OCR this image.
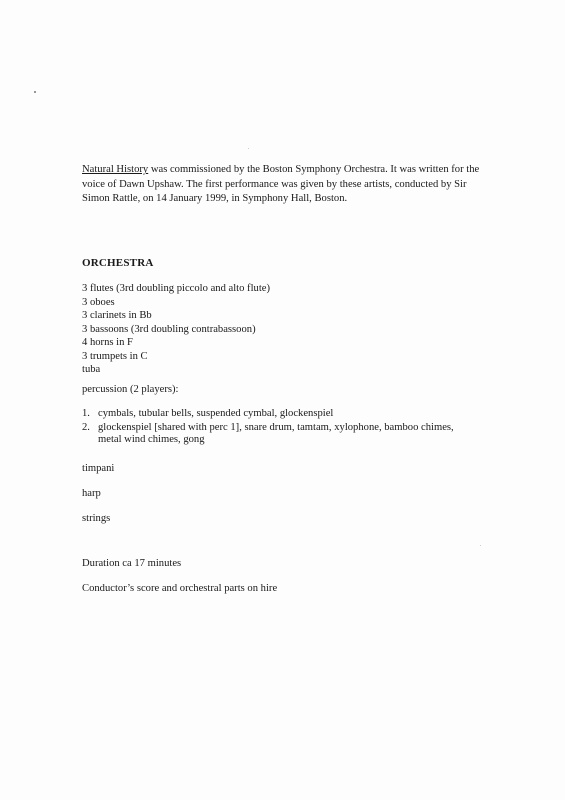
Natural History was commissioned by the Boston Symphony Orchestra. It was written for the
voice of Dawn Upshaw. The first performance was given by these artists, conducted by Sir
Simon Rattle, on 14 January 1999, in Symphony Hall, Boston.
ORCHESTRA
3 flutes (3rd doubling piccolo and alto flute)
3 oboes
3 clarinets in Bb
3 bassoons (3rd doubling contrabassoon)
4 horns in F
3 trumpets in C
tuba
percussion (2 players):
1. cymbals, tubular bells, suspended cymbal, glockenspiel
2. glockenspiel [shared with perc 1], snare drum, tamtam, xylophone, bamboo chimes,
metal wind chimes, gong
timpani
harp
strings
Duration ca 17 minutes
Conductor’s score and orchestral parts on hire
